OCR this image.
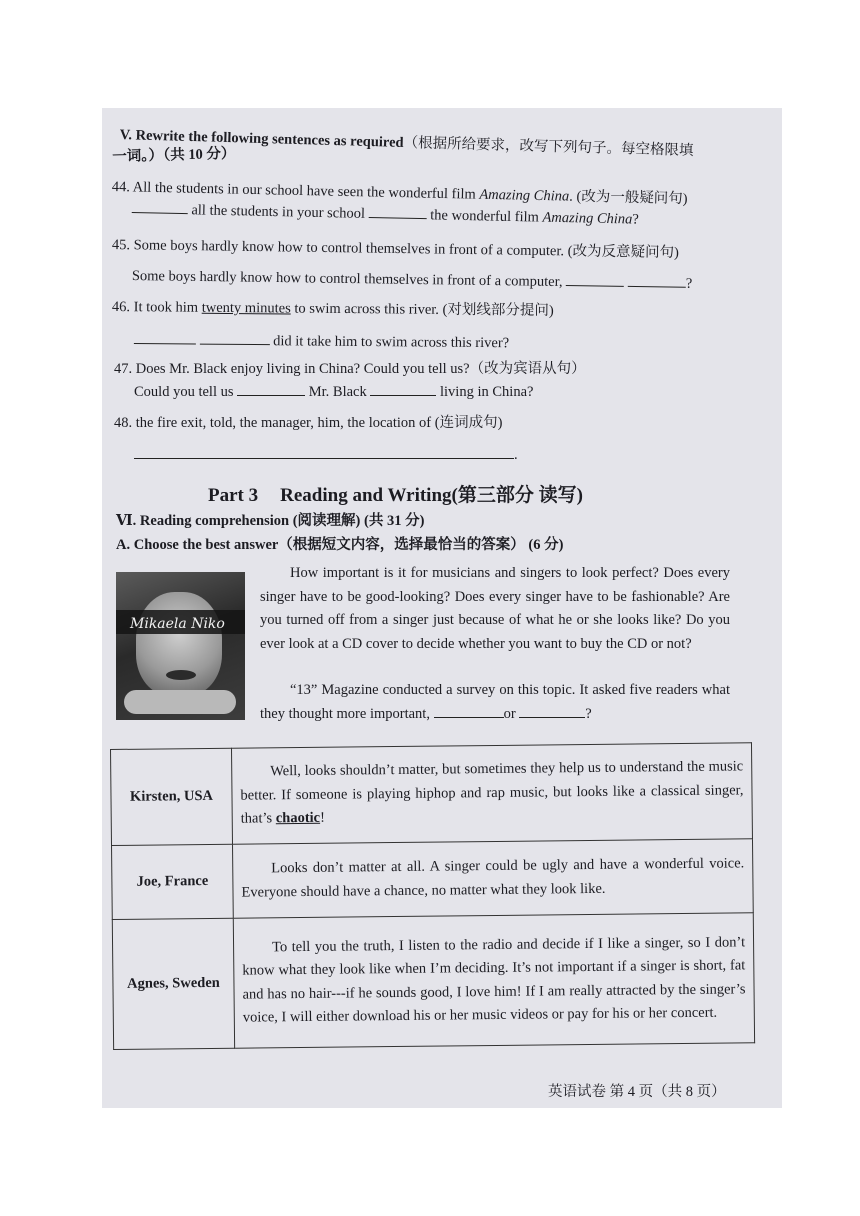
V. Rewrite the following sentences as required（根据所给要求，改写下列句子。每空格限填
一词。）（共 10 分）
44. All the students in our school have seen the wonderful film Amazing China. (改为一般疑问句)
all the students in your school	the wonderful film Amazing China?
45. Some boys hardly know how to control themselves in front of a computer. (改为反意疑问句)
Some boys hardly know how to control themselves in front of a computer,	?
46. It took him twenty minutes to swim across this river. (对划线部分提问)
did it take him to swim across this river?
47. Does Mr. Black enjoy living in China? Could you tell us?（改为宾语从句）
Could you tell us	Mr. Black	living in China?
48. the fire exit, told, the manager, him, the location of (连词成句)
.
Part 3 Reading and Writing(第三部分 读写)
Ⅵ. Reading comprehension (阅读理解) (共 31 分)
A. Choose the best answer（根据短文内容，选择最恰当的答案） (6 分)
Mikaela Niko
How important is it for musicians and singers to look perfect? Does every singer have to be good-looking? Does every singer have to be fashionable? Are you turned off from a singer just because of what he or she looks like? Do you ever look at a CD cover to decide whether you want to buy the CD or not?
“13” Magazine conducted a survey on this topic. It asked five readers what they thought more important,	or	?
Kirsten, USA	Well, looks shouldn’t matter, but sometimes they help us to understand the music better. If someone is playing hiphop and rap music, but looks like a classical singer, that’s chaotic!
Joe, France	Looks don’t matter at all. A singer could be ugly and have a wonderful voice. Everyone should have a chance, no matter what they look like.
Agnes, Sweden	To tell you the truth, I listen to the radio and decide if I like a singer, so I don’t know what they look like when I’m deciding. It’s not important if a singer is short, fat and has no hair---if he sounds good, I love him! If I am really attracted by the singer’s voice, I will either download his or her music videos or pay for his or her concert.
英语试卷 第 4 页（共 8 页）
